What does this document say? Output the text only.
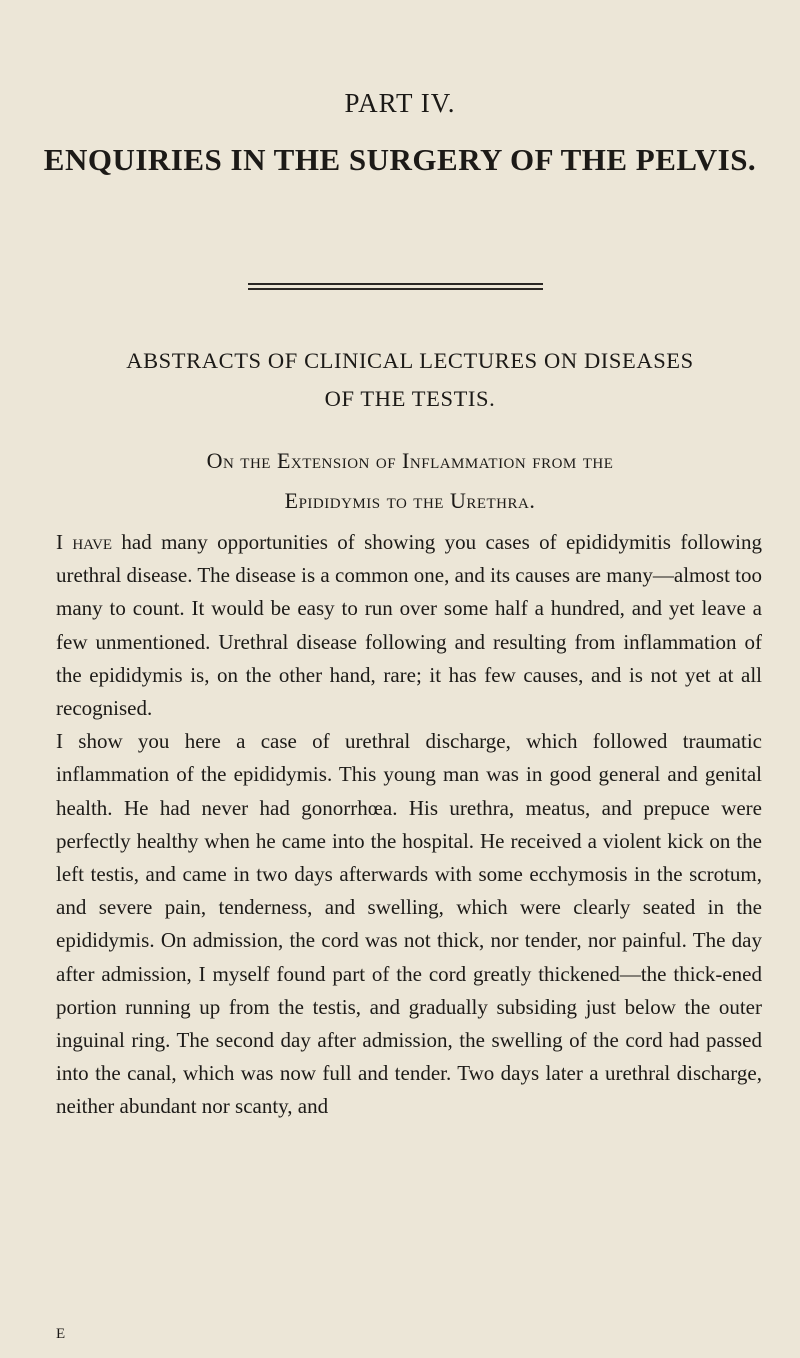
PART IV.
ENQUIRIES IN THE SURGERY OF THE PELVIS.
ABSTRACTS OF CLINICAL LECTURES ON DISEASES
OF THE TESTIS.
On the Extension of Inflammation from the
Epididymis to the Urethra.

I have had many opportunities of showing you cases of epididymitis following urethral disease. The disease is a common one, and its causes are many—almost too many to count. It would be easy to run over some half a hundred, and yet leave a few unmentioned. Urethral disease following and resulting from inflammation of the epididymis is, on the other hand, rare; it has few causes, and is not yet at all recognised.

I show you here a case of urethral discharge, which followed traumatic inflammation of the epididymis. This young man was in good general and genital health. He had never had gonorrhœa. His urethra, meatus, and prepuce were perfectly healthy when he came into the hospital. He received a violent kick on the left testis, and came in two days afterwards with some ecchymosis in the scrotum, and severe pain, tenderness, and swelling, which were clearly seated in the epididymis. On admission, the cord was not thick, nor tender, nor painful. The day after admission, I myself found part of the cord greatly thickened—the thick-ened portion running up from the testis, and gradually subsiding just below the outer inguinal ring. The second day after admission, the swelling of the cord had passed into the canal, which was now full and tender. Two days later a urethral discharge, neither abundant nor scanty, and

E
